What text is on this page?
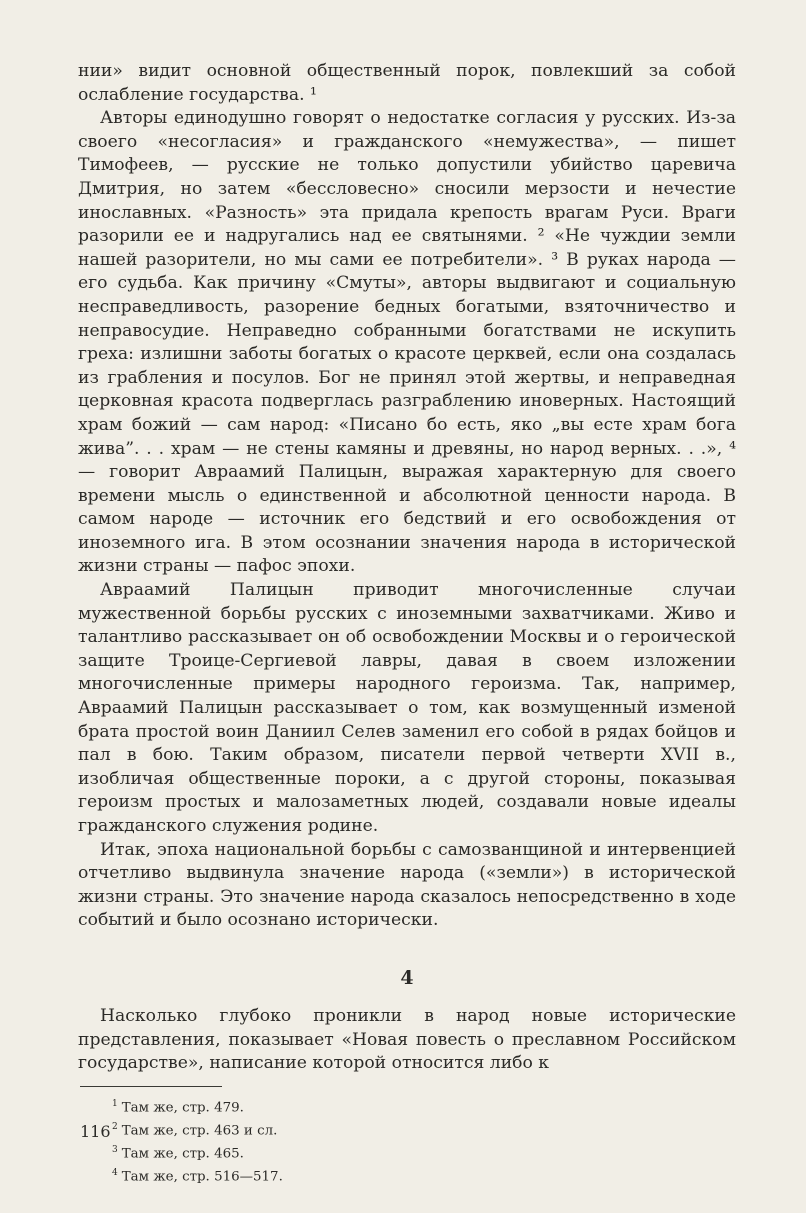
нии» видит основной общественный порок, повлекший за собой ослабление государства. ¹

Авторы единодушно говорят о недостатке согласия у русских. Из-за своего «несогласия» и гражданского «немужества», — пишет Тимофеев, — русские не только допустили убийство царевича Дмитрия, но затем «бессловесно» сносили мерзости и нечестие инославных. «Разность» эта придала крепость врагам Руси. Враги разорили ее и надругались над ее святынями. ² «Не чуждии земли нашей разорители, но мы сами ее потребители». ³ В руках народа — его судьба. Как причину «Смуты», авторы выдвигают и социальную несправедливость, разорение бедных богатыми, взяточничество и неправосудие. Неправедно собранными богатствами не искупить греха: излишни заботы богатых о красоте церквей, если она создалась из грабления и посулов. Бог не принял этой жертвы, и неправедная церковная красота подверглась разграблению иноверных. Настоящий храм божий — сам народ: «Писано бо есть, яко „вы есте храм бога жива”. . . храм — не стены камяны и древяны, но народ верных. . .», ⁴ — говорит Авраамий Палицын, выражая характерную для своего времени мысль о единственной и абсолютной ценности народа. В самом народе — источник его бедствий и его освобождения от иноземного ига. В этом осознании значения народа в исторической жизни страны — пафос эпохи.

Авраамий Палицын приводит многочисленные случаи мужественной борьбы русских с иноземными захватчиками. Живо и талантливо рассказывает он об освобождении Москвы и о героической защите Троице-Сергиевой лавры, давая в своем изложении многочисленные примеры народного героизма. Так, например, Авраамий Палицын рассказывает о том, как возмущенный изменой брата простой воин Даниил Селев заменил его собой в рядах бойцов и пал в бою. Таким образом, писатели первой четверти XVII в., изобличая общественные пороки, а с другой стороны, показывая героизм простых и малозаметных людей, создавали новые идеалы гражданского служения родине.

Итак, эпоха национальной борьбы с самозванщиной и интервенцией отчетливо выдвинула значение народа («земли») в исторической жизни страны. Это значение народа сказалось непосредственно в ходе событий и было осознано исторически.

4

Насколько глубоко проникли в народ новые исторические представления, показывает «Новая повесть о преславном Российском государстве», написание которой относится либо к

$^1$ Там же, стр. 479.

$^2$ Там же, стр. 463 и сл.

$^3$ Там же, стр. 465.

$^4$ Там же, стр. 516—517.

116
